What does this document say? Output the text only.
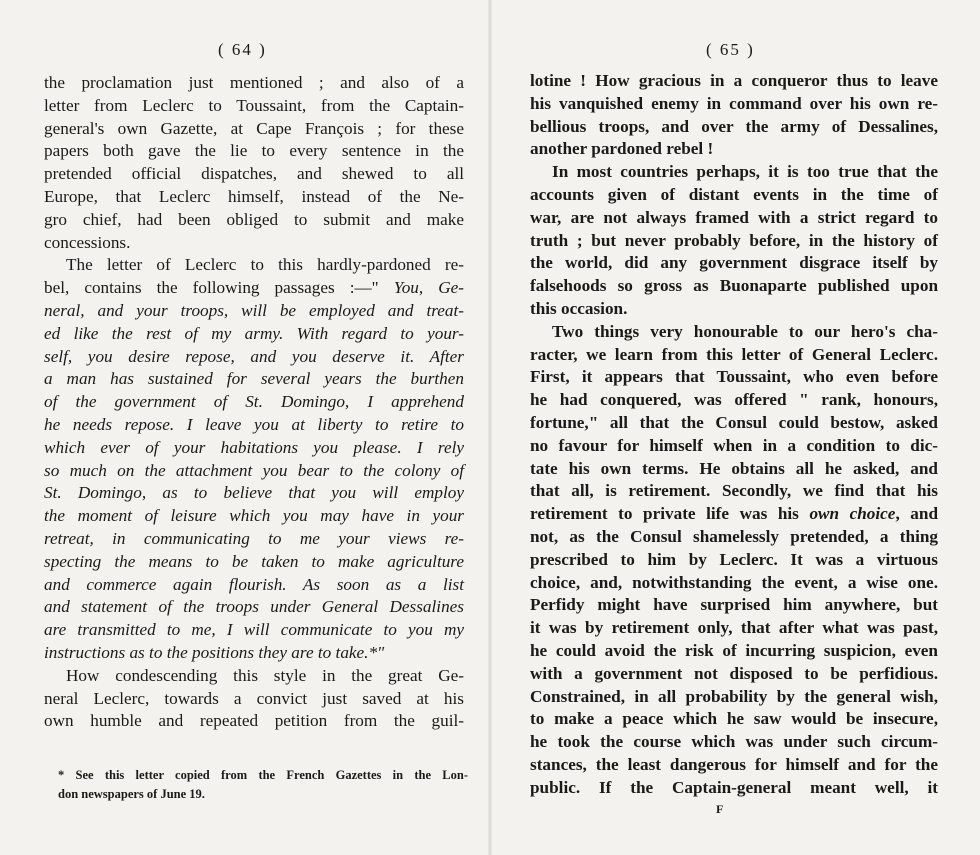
( 64 )
the proclamation just mentioned ; and also of a
letter from Leclerc to Toussaint, from the Captain-
general's own Gazette, at Cape François ; for these
papers both gave the lie to every sentence in the
pretended official dispatches, and shewed to all
Europe, that Leclerc himself, instead of the Ne-
gro chief, had been obliged to submit and make
concessions.
The letter of Leclerc to this hardly-pardoned re-
bel, contains the following passages :—" You, Ge-
neral, and your troops, will be employed and treat-
ed like the rest of my army. With regard to your-
self, you desire repose, and you deserve it. After
a man has sustained for several years the burthen
of the government of St. Domingo, I apprehend
he needs repose. I leave you at liberty to retire to
which ever of your habitations you please. I rely
so much on the attachment you bear to the colony of
St. Domingo, as to believe that you will employ
the moment of leisure which you may have in your
retreat, in communicating to me your views re-
specting the means to be taken to make agriculture
and commerce again flourish. As soon as a list
and statement of the troops under General Dessalines
are transmitted to me, I will communicate to you my
instructions as to the positions they are to take.*"
How condescending this style in the great Ge-
neral Leclerc, towards a convict just saved at his
own humble and repeated petition from the guil-
* See this letter copied from the French Gazettes in the Lon-
don newspapers of June 19.
( 65 )
lotine ! How gracious in a conqueror thus to leave
his vanquished enemy in command over his own re-
bellious troops, and over the army of Dessalines,
another pardoned rebel !
In most countries perhaps, it is too true that the
accounts given of distant events in the time of
war, are not always framed with a strict regard to
truth ; but never probably before, in the history of
the world, did any government disgrace itself by
falsehoods so gross as Buonaparte published upon
this occasion.
Two things very honourable to our hero's cha-
racter, we learn from this letter of General Leclerc.
First, it appears that Toussaint, who even before
he had conquered, was offered " rank, honours,
fortune," all that the Consul could bestow, asked
no favour for himself when in a condition to dic-
tate his own terms. He obtains all he asked, and
that all, is retirement. Secondly, we find that his
retirement to private life was his own choice, and
not, as the Consul shamelessly pretended, a thing
prescribed to him by Leclerc. It was a virtuous
choice, and, notwithstanding the event, a wise one.
Perfidy might have surprised him anywhere, but
it was by retirement only, that after what was past,
he could avoid the risk of incurring suspicion, even
with a government not disposed to be perfidious.
Constrained, in all probability by the general wish,
to make a peace which he saw would be insecure,
he took the course which was under such circum-
stances, the least dangerous for himself and for the
public. If the Captain-general meant well, it
F
